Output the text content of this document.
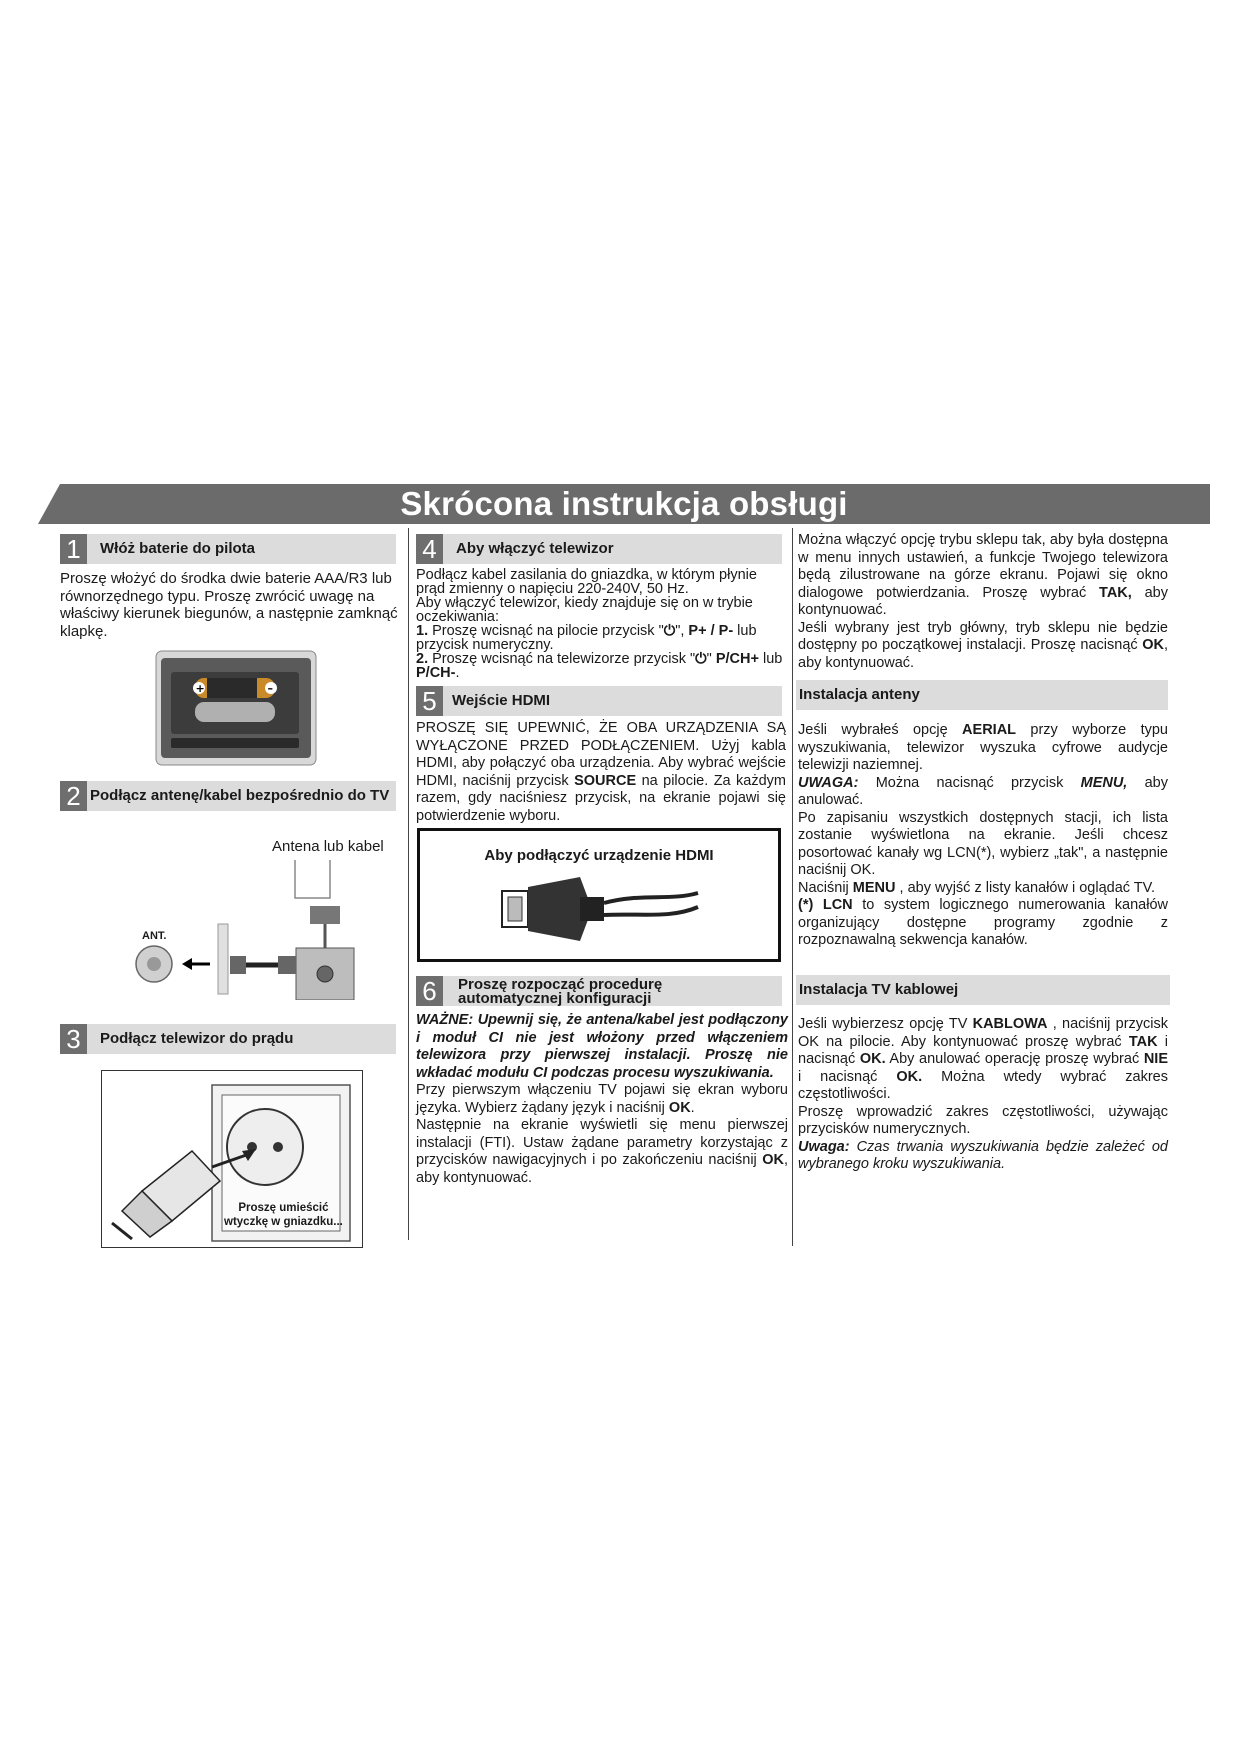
Skrócona instrukcja obsługi
1	Włóż baterie do pilota

Proszę włożyć do środka dwie baterie AAA/R3 lub równorzędnego typu. Proszę zwrócić uwagę na właściwy kierunek biegunów, a następnie zamknąć klapkę.

+	–
2 Podłącz antenę/kabel bezpośrednio do TV
Antena lub kabel
ANT.
3	Podłącz telewizor do prądu
Proszę umieścić
wtyczkę w gniazdku...
4	Aby włączyć telewizor

Podłącz kabel zasilania do gniazdka, w którym płynie prąd zmienny o napięciu 220-240V, 50 Hz.

Aby włączyć telewizor, kiedy znajduje się on w trybie oczekiwania:

1. Proszę wcisnąć na pilocie przycisk "⏻", P+ / P- lub przycisk numeryczny.

2. Proszę wcisnąć na telewizorze przycisk "⏻" P/CH+ lub P/CH-.

5	Wejście HDMI

PROSZĘ SIĘ UPEWNIĆ, ŻE OBA URZĄDZENIA SĄ WYŁĄCZONE PRZED PODŁĄCZENIEM. Użyj kabla HDMI, aby połączyć oba urządzenia. Aby wybrać wejście HDMI, naciśnij przycisk SOURCE na pilocie. Za każdym razem, gdy naciśniesz przycisk, na ekranie pojawi się potwierdzenie wyboru.

Aby podłączyć urządzenie HDMI
6	Proszę rozpocząć procedurę
automatycznej konfiguracji

WAŻNE: Upewnij się, że antena/kabel jest podłączony i moduł CI nie jest włożony przed włączeniem telewizora przy pierwszej instalacji. Proszę nie wkładać modułu CI podczas procesu wyszukiwania.

Przy pierwszym włączeniu TV pojawi się ekran wyboru języka. Wybierz żądany język i naciśnij OK.

Następnie na ekranie wyświetli się menu pierwszej instalacji (FTI). Ustaw żądane parametry korzystając z przycisków nawigacyjnych i po zakończeniu naciśnij OK, aby kontynuować.

Można włączyć opcję trybu sklepu tak, aby była dostępna w menu innych ustawień, a funkcje Twojego telewizora będą zilustrowane na górze ekranu. Pojawi się okno dialogowe potwierdzania. Proszę wybrać TAK, aby kontynuować.

Jeśli wybrany jest tryb główny, tryb sklepu nie będzie dostępny po początkowej instalacji. Proszę nacisnąć OK, aby kontynuować.

Instalacja anteny

Jeśli wybrałeś opcję AERIAL przy wyborze typu wyszukiwania, telewizor wyszuka cyfrowe audycje telewizji naziemnej.

UWAGA: Można nacisnąć przycisk MENU, aby anulować.

Po zapisaniu wszystkich dostępnych stacji, ich lista zostanie wyświetlona na ekranie. Jeśli chcesz posortować kanały wg LCN(*), wybierz „tak", a następnie naciśnij OK.

Naciśnij MENU , aby wyjść z listy kanałów i oglądać TV.

(*) LCN to system logicznego numerowania kanałów organizujący dostępne programy zgodnie z rozpoznawalną sekwencja kanałów.

Instalacja TV kablowej

Jeśli wybierzesz opcję TV KABLOWA , naciśnij przycisk OK na pilocie. Aby kontynuować proszę wybrać TAK i nacisnąć OK. Aby anulować operację proszę wybrać NIE i nacisnąć OK. Można wtedy wybrać zakres częstotliwości.

Proszę wprowadzić zakres częstotliwości, używając przycisków numerycznych.

Uwaga: Czas trwania wyszukiwania będzie zależeć od wybranego kroku wyszukiwania.
